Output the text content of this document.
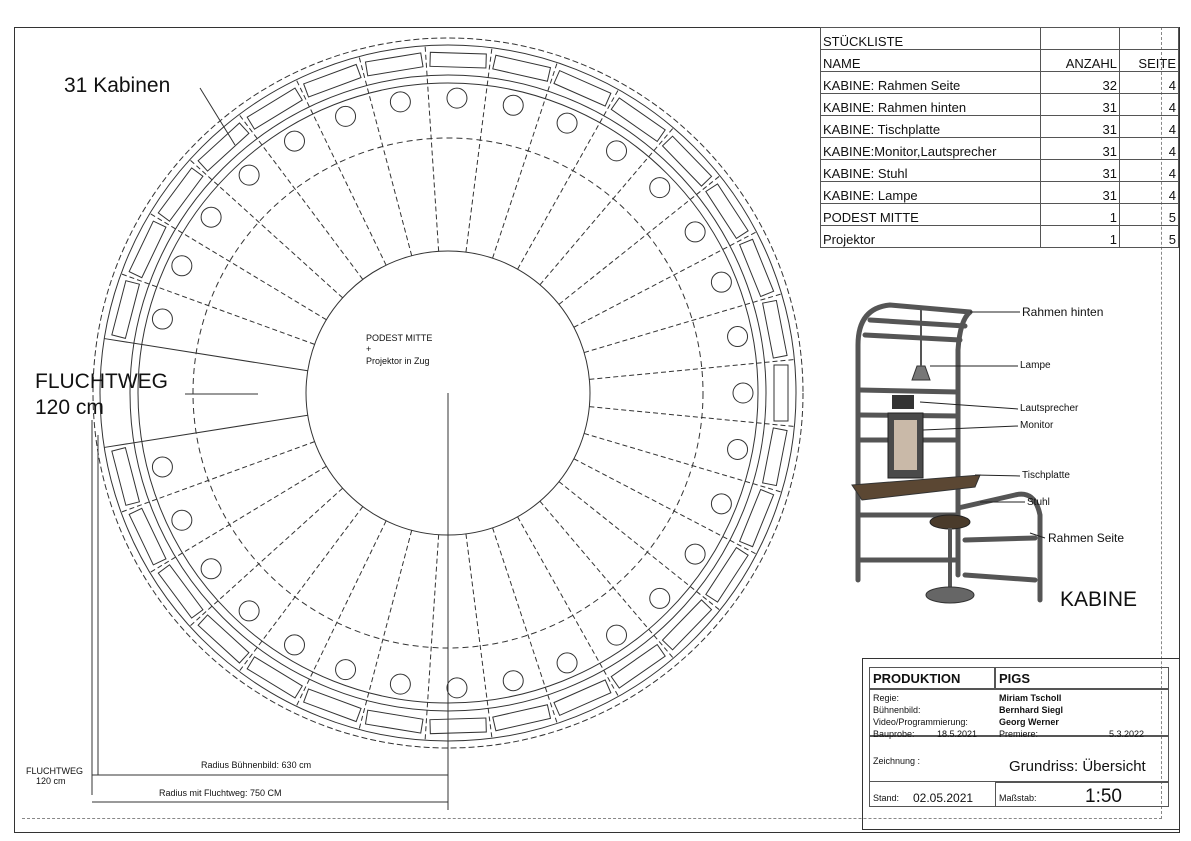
31 Kabinen
FLUCHTWEG
120 cm
PODEST MITTE
+
Projektor in Zug
FLUCHTWEG
120 cm
Radius Bühnenbild: 630 cm
Radius mit Fluchtweg: 750 CM
STÜCKLISTE		
NAME	ANZAHL	SEITE
KABINE: Rahmen Seite	32	4
KABINE: Rahmen hinten	31	4
KABINE: Tischplatte	31	4
KABINE:Monitor,Lautsprecher	31	4
KABINE: Stuhl	31	4
KABINE: Lampe	31	4
PODEST MITTE	1	5
Projektor	1	5
Rahmen hinten
Lampe
Lautsprecher
Monitor
Tischplatte
Stuhl
Rahmen Seite
KABINE
PRODUKTION	PIGS
Regie:	Miriam Tscholl
Bühnenbild:	Bernhard Siegl
Video/Programmierung:	Georg Werner
Bauprobe: 18.5.2021 Premiere:	5.3.2022
Zeichnung :	Grundriss: Übersicht
Stand: 02.05.2021	Maßstab:	1:50
